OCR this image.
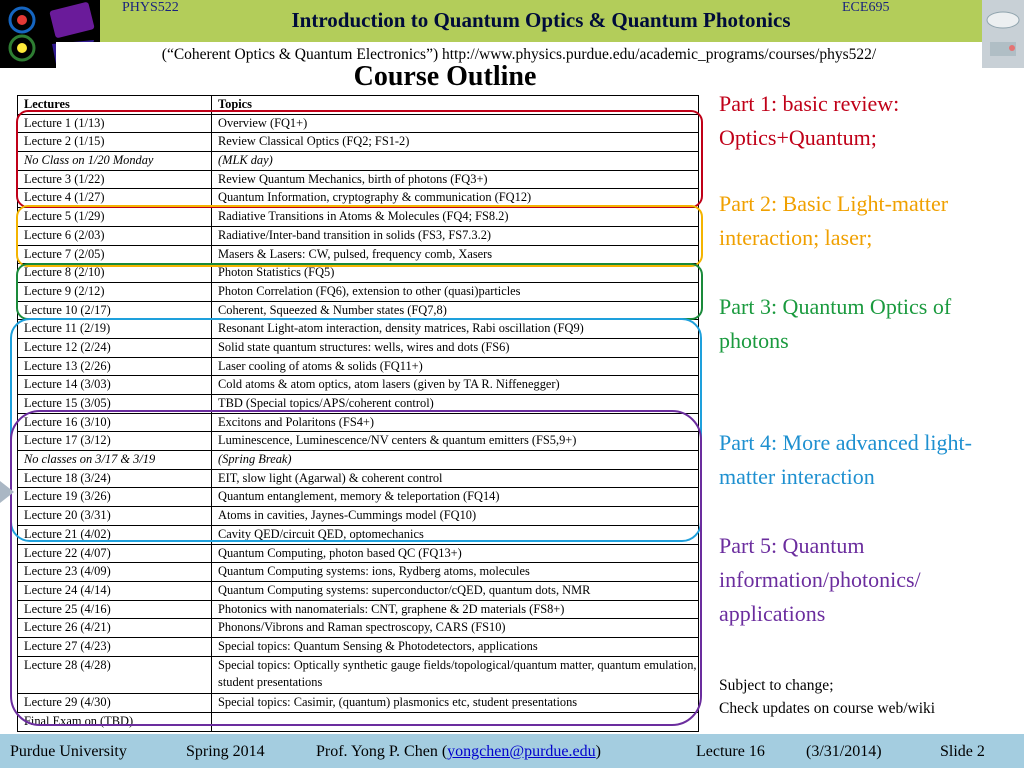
PHYS522	ECE695
Introduction to Quantum Optics & Quantum Photonics
(“Coherent Optics & Quantum Electronics”) http://www.physics.purdue.edu/academic_programs/courses/phys522/
Course Outline
Lectures	Topics
Lecture 1 (1/13)	Overview (FQ1+)
Lecture 2 (1/15)	Review Classical Optics (FQ2; FS1-2)
No Class on 1/20 Monday	(MLK day)
Lecture 3 (1/22)	Review Quantum Mechanics, birth of photons (FQ3+)
Lecture 4 (1/27)	Quantum Information, cryptography & communication (FQ12)
Lecture 5 (1/29)	Radiative Transitions in Atoms & Molecules (FQ4; FS8.2)
Lecture 6 (2/03)	Radiative/Inter-band transition in solids (FS3, FS7.3.2)
Lecture 7 (2/05)	Masers & Lasers: CW, pulsed, frequency comb, Xasers
Lecture 8 (2/10)	Photon Statistics (FQ5)
Lecture 9 (2/12)	Photon Correlation (FQ6), extension to other (quasi)particles
Lecture 10 (2/17)	Coherent, Squeezed & Number states (FQ7,8)
Lecture 11 (2/19)	Resonant Light-atom interaction, density matrices, Rabi oscillation (FQ9)
Lecture 12 (2/24)	Solid state quantum structures: wells, wires and dots (FS6)
Lecture 13 (2/26)	Laser cooling of atoms & solids (FQ11+)
Lecture 14 (3/03)	Cold atoms & atom optics, atom lasers (given by TA R. Niffenegger)
Lecture 15 (3/05)	TBD (Special topics/APS/coherent control)
Lecture 16 (3/10)	Excitons and Polaritons (FS4+)
Lecture 17 (3/12)	Luminescence, Luminescence/NV centers & quantum emitters (FS5,9+)
No classes on 3/17 & 3/19	(Spring Break)
Lecture 18 (3/24)	EIT, slow light (Agarwal) & coherent control
Lecture 19 (3/26)	Quantum entanglement, memory & teleportation (FQ14)
Lecture 20 (3/31)	Atoms in cavities, Jaynes-Cummings model (FQ10)
Lecture 21 (4/02)	Cavity QED/circuit QED, optomechanics
Lecture 22 (4/07)	Quantum Computing, photon based QC (FQ13+)
Lecture 23 (4/09)	Quantum Computing systems: ions, Rydberg atoms, molecules
Lecture 24 (4/14)	Quantum Computing systems: superconductor/cQED, quantum dots, NMR
Lecture 25 (4/16)	Photonics with nanomaterials: CNT, graphene & 2D materials (FS8+)
Lecture 26 (4/21)	Phonons/Vibrons and Raman spectroscopy, CARS (FS10)
Lecture 27 (4/23)	Special topics: Quantum Sensing & Photodetectors, applications
Lecture 28 (4/28)	Special topics: Optically synthetic gauge fields/topological/quantum matter, quantum emulation, student presentations
Lecture 29 (4/30)	Special topics: Casimir, (quantum) plasmonics etc, student presentations
Final Exam on (TBD)	
Part 1: basic review: Optics+Quantum;
Part 2: Basic Light-matter interaction; laser;
Part 3: Quantum Optics of photons
Part 4: More advanced light-matter interaction
Part 5: Quantum information/photonics/ applications
Subject to change;
Check updates on course web/wiki
Purdue University	Spring 2014	Prof. Yong P. Chen (yongchen@purdue.edu)	Lecture 16	(3/31/2014)	Slide 2
